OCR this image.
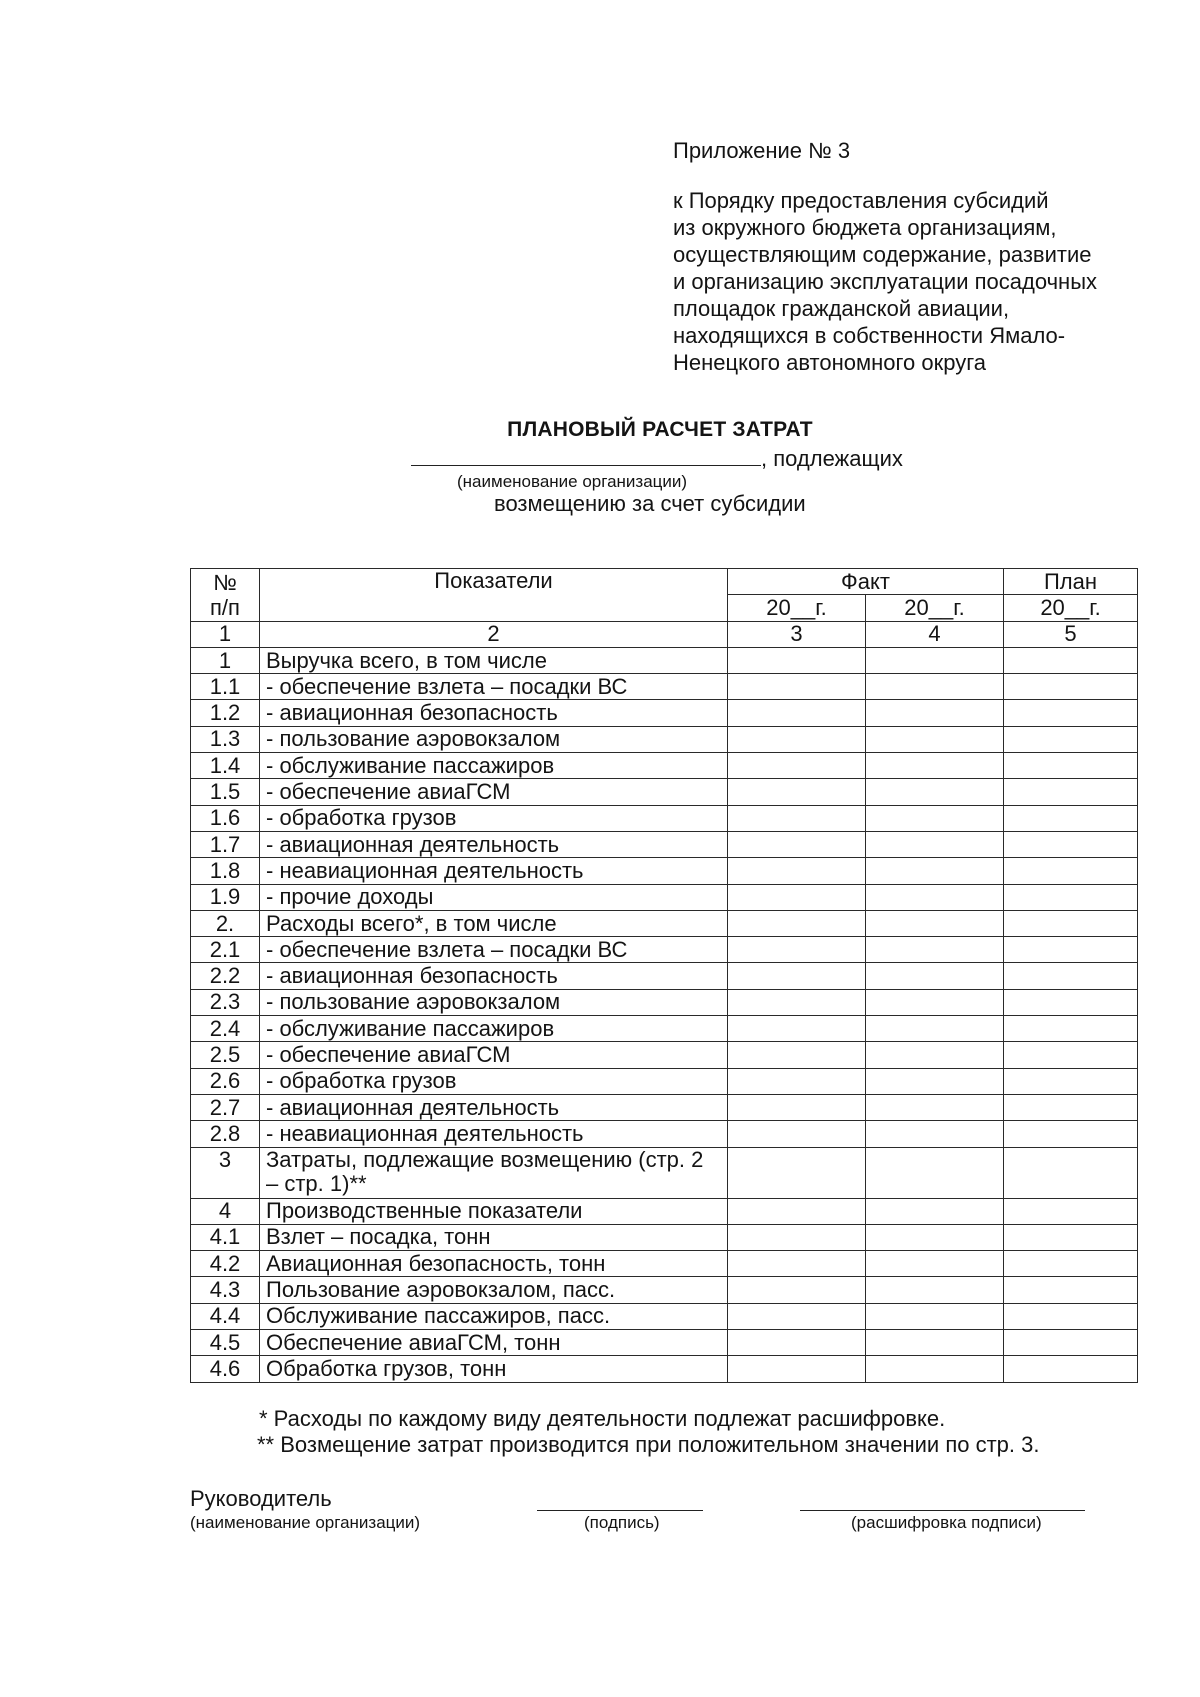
Приложение № 3
к Порядку предоставления субсидий
из окружного бюджета организациям,
осуществляющим содержание, развитие
и организацию эксплуатации посадочных
площадок гражданской авиации,
находящихся в собственности Ямало-
Ненецкого автономного округа
ПЛАНОВЫЙ РАСЧЕТ ЗАТРАТ
, подлежащих
(наименование организации)
возмещению за счет субсидии
№
п/п	Показатели	Факт		План
		20__г.	20__г.	20__г.
1	2	3	4	5
1	Выручка всего, в том числе			
1.1	- обеспечение взлета – посадки ВС			
1.2	- авиационная безопасность			
1.3	- пользование аэровокзалом			
1.4	- обслуживание пассажиров			
1.5	- обеспечение авиаГСМ			
1.6	- обработка грузов			
1.7	- авиационная деятельность			
1.8	- неавиационная деятельность			
1.9	- прочие доходы			
2.	Расходы всего*, в том числе			
2.1	- обеспечение взлета – посадки ВС			
2.2	- авиационная безопасность			
2.3	- пользование аэровокзалом			
2.4	- обслуживание пассажиров			
2.5	- обеспечение авиаГСМ			
2.6	- обработка грузов			
2.7	- авиационная деятельность			
2.8	- неавиационная деятельность			
3	Затраты, подлежащие возмещению (стр. 2 – стр. 1)**			
4	Производственные показатели			
4.1	Взлет – посадка, тонн			
4.2	Авиационная безопасность, тонн			
4.3	Пользование аэровокзалом, пасс.			
4.4	Обслуживание пассажиров, пасс.			
4.5	Обеспечение авиаГСМ, тонн			
4.6	Обработка грузов, тонн			
* Расходы по каждому виду деятельности подлежат расшифровке.
** Возмещение затрат производится при положительном значении по стр. 3.
Руководитель
(наименование организации)	(подпись)	(расшифровка подписи)
